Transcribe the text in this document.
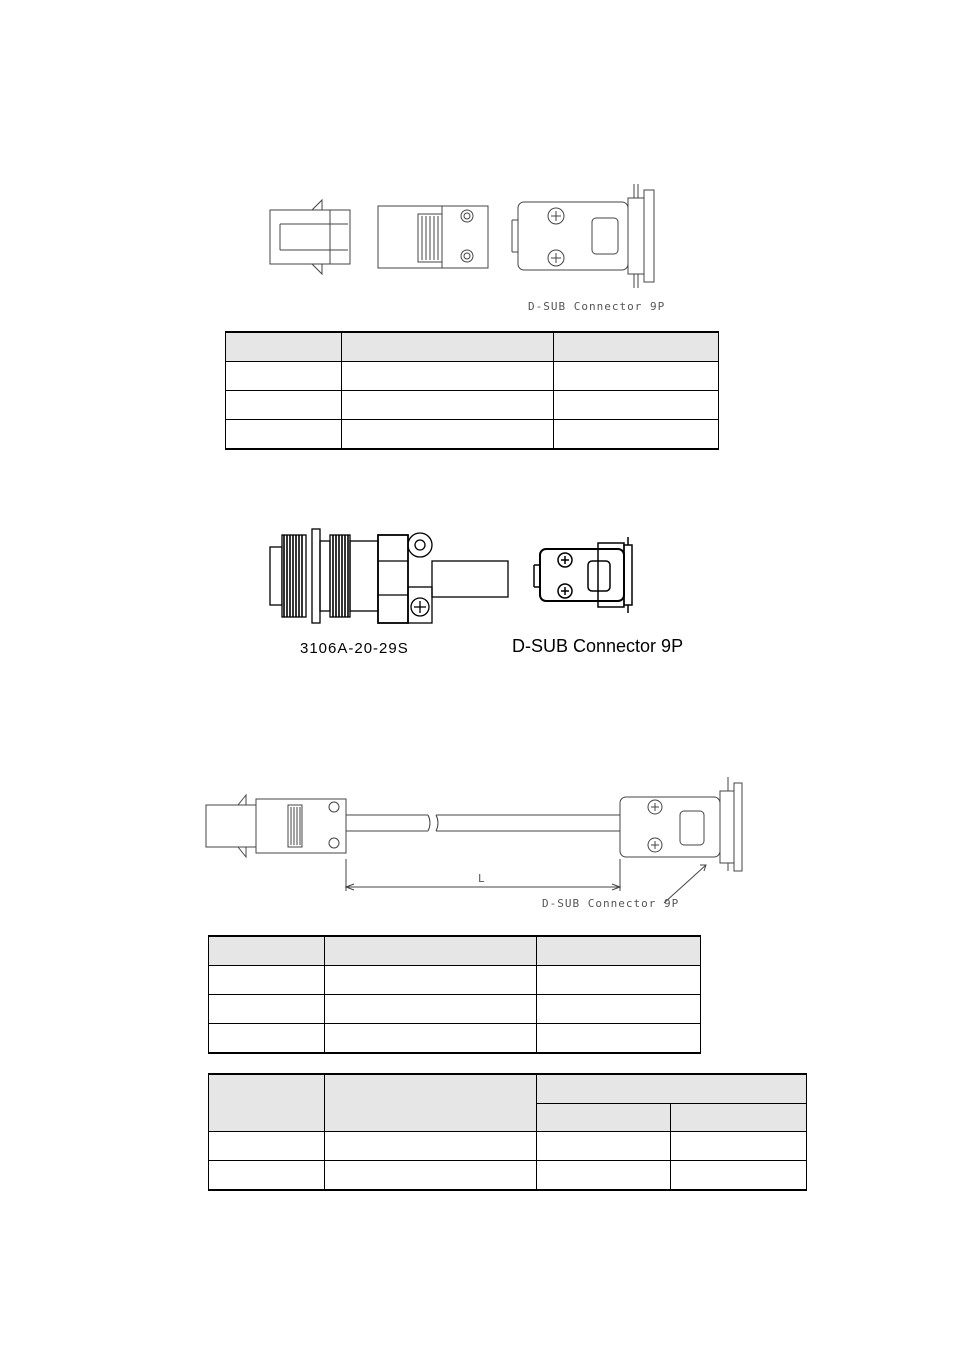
D-SUB Connector 9P

3106A-20-29S	D-SUB Connector 9P
L
D-SUB Connector 9P
